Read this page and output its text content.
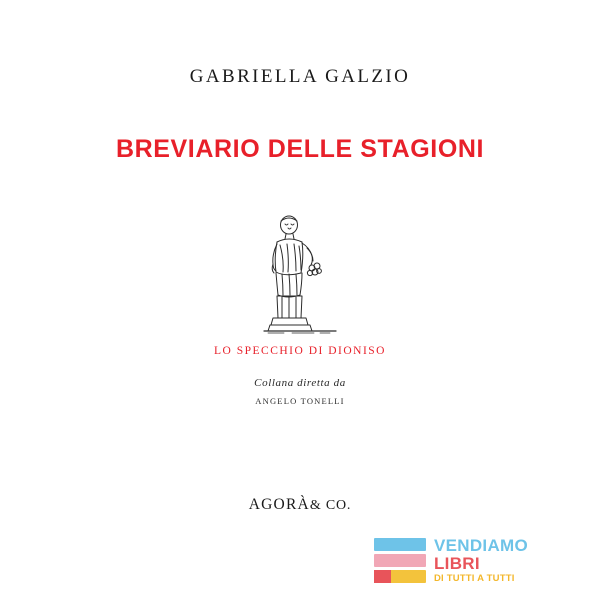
GABRIELLA GALZIO
BREVIARIO DELLE STAGIONI
LO SPECCHIO DI DIONISO
Collana diretta da
ANGELO TONELLI
AGORÀ& CO.
VENDIAMO
LIBRI
DI TUTTI A TUTTI
